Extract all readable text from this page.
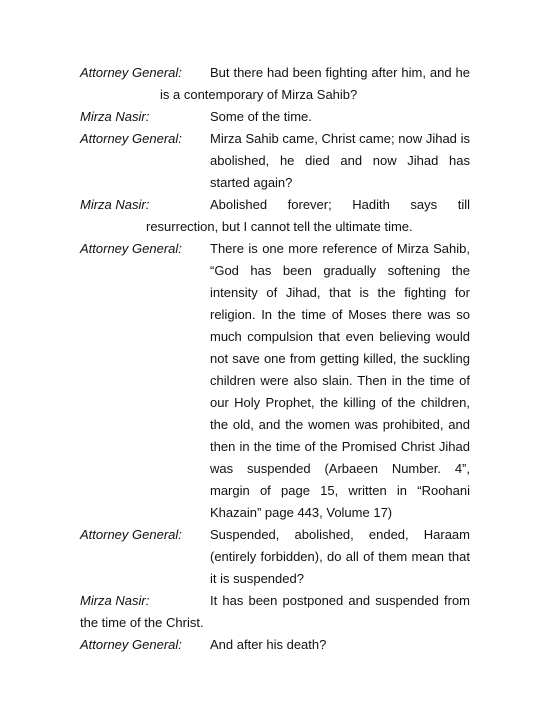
Attorney General:	But there had been fighting after him, and he
is a contemporary of Mirza Sahib?
Mirza Nasir:	Some of the time.
Attorney General: Mirza Sahib came, Christ came; now Jihad is abolished, he died and now Jihad has started again?
Mirza Nasir:	Abolished forever; Hadith says till
resurrection, but I cannot tell the ultimate time.
Attorney General: There is one more reference of Mirza Sahib, “God has been gradually softening the intensity of Jihad, that is the fighting for religion. In the time of Moses there was so much compulsion that even believing would not save one from getting killed, the suckling children were also slain. Then in the time of our Holy Prophet, the killing of the children, the old, and the women was prohibited, and then in the time of the Promised Christ Jihad was suspended (Arbaeen Number. 4”, margin of page 15, written in “Roohani Khazain” page 443, Volume 17)
Attorney General: Suspended, abolished, ended, Haraam (entirely forbidden), do all of them mean that it is suspended?
Mirza Nasir:	It has been postponed and suspended from
the time of the Christ.
Attorney General: And after his death?
